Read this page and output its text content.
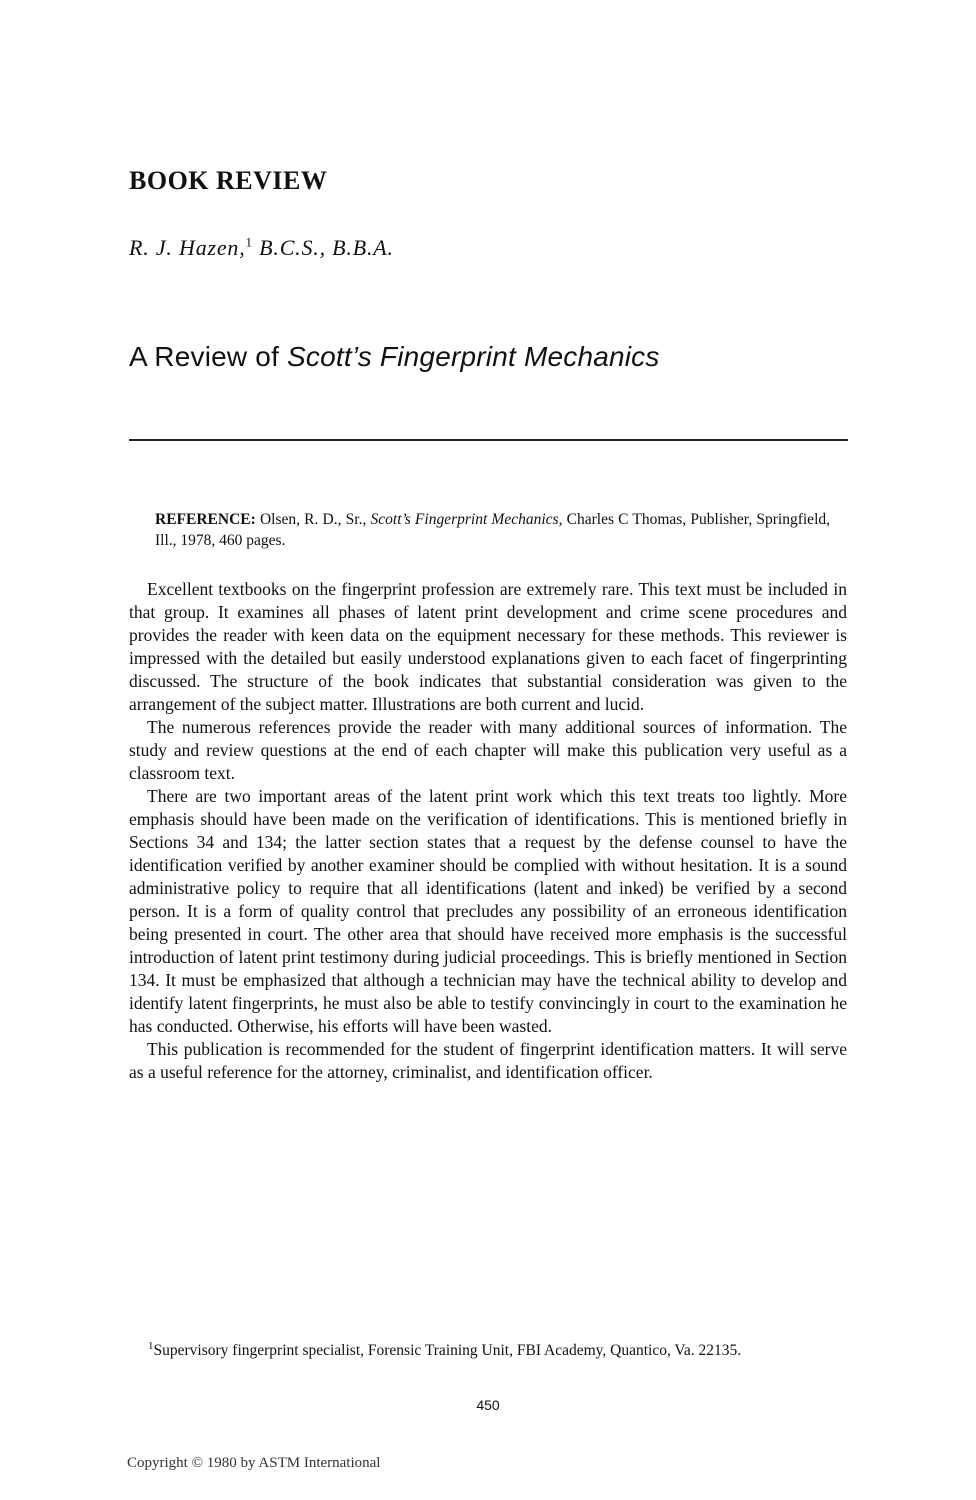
BOOK REVIEW

R. J. Hazen,$^1$ B.C.S., B.B.A.

A Review of Scott’s Fingerprint Mechanics

REFERENCE: Olsen, R. D., Sr., Scott’s Fingerprint Mechanics, Charles C Thomas, Publisher, Springfield, Ill., 1978, 460 pages.

Excellent textbooks on the fingerprint profession are extremely rare. This text must be included in that group. It examines all phases of latent print development and crime scene procedures and provides the reader with keen data on the equipment necessary for these methods. This reviewer is impressed with the detailed but easily understood explanations given to each facet of fingerprinting discussed. The structure of the book indicates that substantial consideration was given to the arrangement of the subject matter. Illustrations are both current and lucid.

The numerous references provide the reader with many additional sources of information. The study and review questions at the end of each chapter will make this publication very useful as a classroom text.

There are two important areas of the latent print work which this text treats too lightly. More emphasis should have been made on the verification of identifications. This is mentioned briefly in Sections 34 and 134; the latter section states that a request by the defense counsel to have the identification verified by another examiner should be complied with without hesitation. It is a sound administrative policy to require that all identifications (latent and inked) be verified by a second person. It is a form of quality control that precludes any possibility of an erroneous identification being presented in court. The other area that should have received more emphasis is the successful introduction of latent print testimony during judicial proceedings. This is briefly mentioned in Section 134. It must be emphasized that although a technician may have the technical ability to develop and identify latent fingerprints, he must also be able to testify convincingly in court to the examination he has conducted. Otherwise, his efforts will have been wasted.

This publication is recommended for the student of fingerprint identification matters. It will serve as a useful reference for the attorney, criminalist, and identification officer.

$^1$Supervisory fingerprint specialist, Forensic Training Unit, FBI Academy, Quantico, Va. 22135.

450

Copyright © 1980 by ASTM International
